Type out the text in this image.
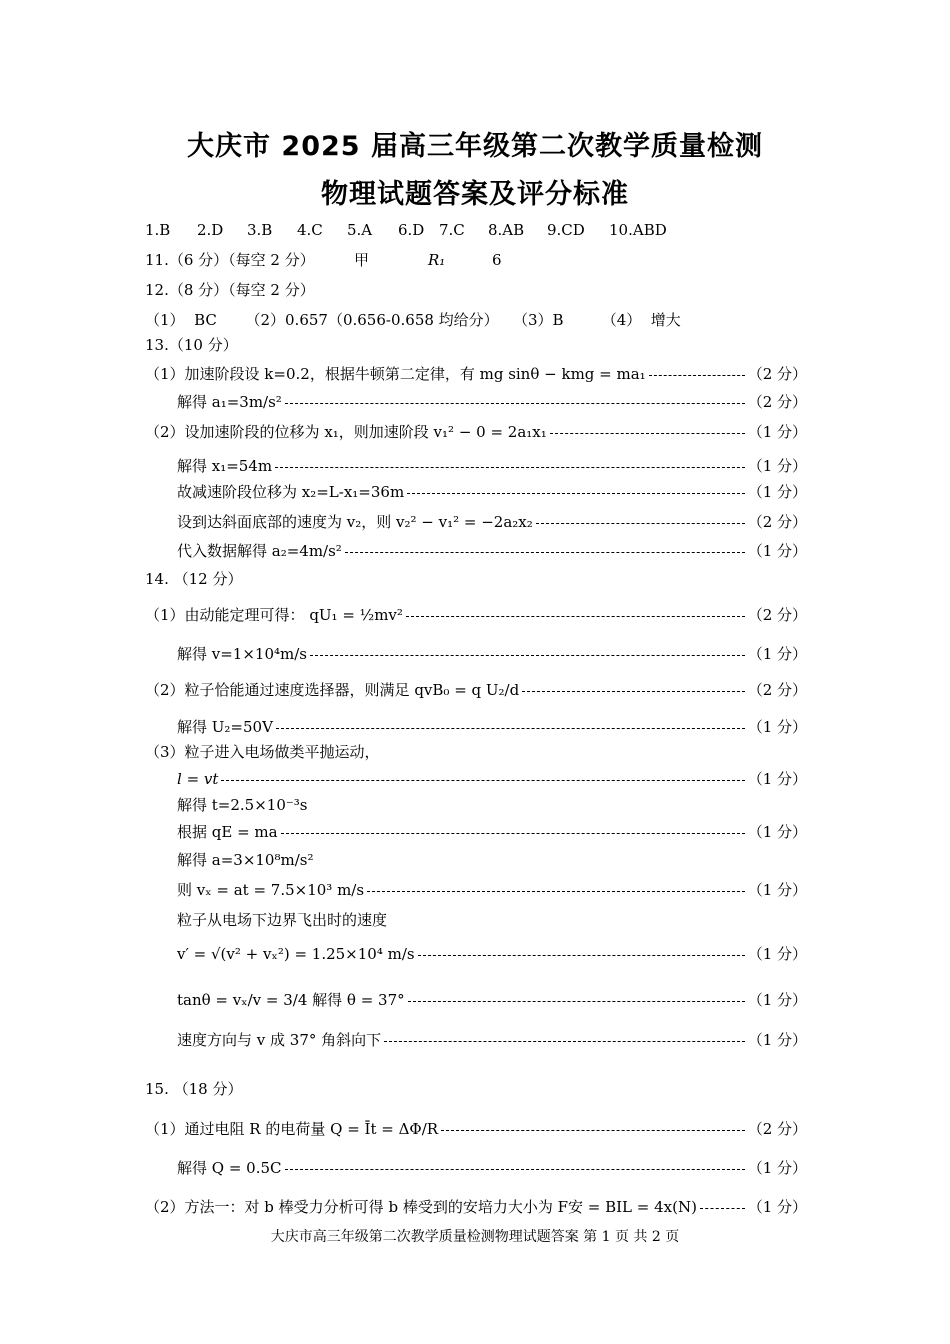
大庆市 2025 届高三年级第二次教学质量检测
物理试题答案及评分标准
1.B 2.D 3.B 4.C 5.A 6.D 7.C 8.AB 9.CD 10.ABD
11.（6 分）（每空 2 分）	甲	R₁	6
12.（8 分）（每空 2 分）
（1）  BC      （2）0.657（0.656-0.658 均给分）   （3）B        （4）  增大
13.（10 分）
（1）加速阶段设 k=0.2，根据牛顿第二定律，有 mg sinθ − kmg = ma₁	（2 分）
解得 a₁=3m/s²	（2 分）
（2）设加速阶段的位移为 x₁，则加速阶段 v₁² − 0 = 2a₁x₁	（1 分）
解得 x₁=54m	（1 分）
故减速阶段位移为 x₂=L-x₁=36m	（1 分）
设到达斜面底部的速度为 v₂，则 v₂² − v₁² = −2a₂x₂	（2 分）
代入数据解得 a₂=4m/s²	（1 分）
14. （12 分）
（1）由动能定理可得： qU₁ = ½mv²	（2 分）
解得 v=1×10⁴m/s	（1 分）
（2）粒子恰能通过速度选择器，则满足 qvB₀ = q U₂/d	（2 分）
解得 U₂=50V	（1 分）
（3）粒子进入电场做类平抛运动，
l = vt	（1 分）
解得 t=2.5×10⁻³s
根据 qE = ma	（1 分）
解得 a=3×10⁸m/s²
则 vₓ = at = 7.5×10³ m/s	（1 分）
粒子从电场下边界飞出时的速度
v′ = √(v² + vₓ²) = 1.25×10⁴ m/s	（1 分）
tanθ = vₓ/v = 3/4 解得 θ = 37°	（1 分）
速度方向与 v 成 37° 角斜向下	（1 分）
15. （18 分）
（1）通过电阻 R 的电荷量 Q = Īt = ΔΦ/R	（2 分）
解得 Q = 0.5C	（1 分）
（2）方法一：对 b 棒受力分析可得 b 棒受到的安培力大小为 F安 = BIL = 4x(N)	（1 分）
大庆市高三年级第二次教学质量检测物理试题答案 第 1 页 共 2 页
